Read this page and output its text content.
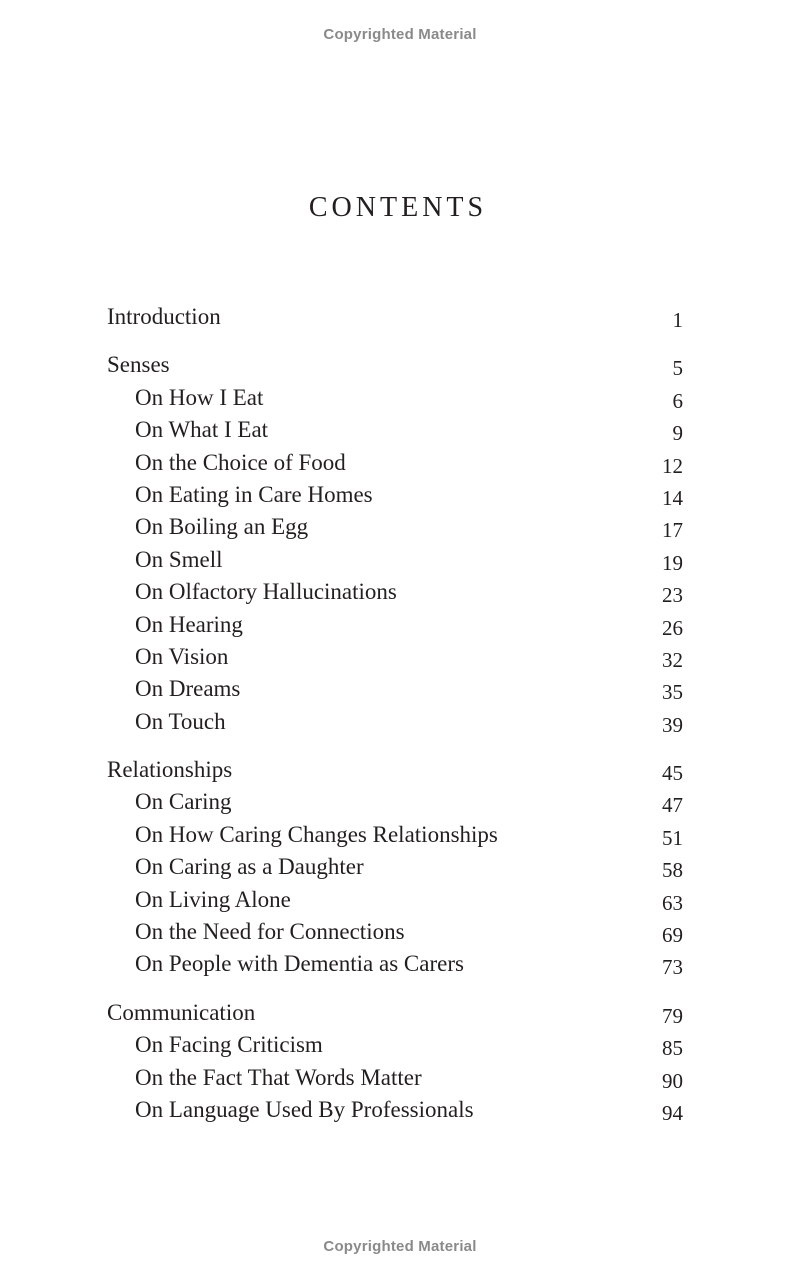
Copyrighted Material
CONTENTS
Introduction	1
Senses	5
On How I Eat	6
On What I Eat	9
On the Choice of Food	12
On Eating in Care Homes	14
On Boiling an Egg	17
On Smell	19
On Olfactory Hallucinations	23
On Hearing	26
On Vision	32
On Dreams	35
On Touch	39
Relationships	45
On Caring	47
On How Caring Changes Relationships	51
On Caring as a Daughter	58
On Living Alone	63
On the Need for Connections	69
On People with Dementia as Carers	73
Communication	79
On Facing Criticism	85
On the Fact That Words Matter	90
On Language Used By Professionals	94
Copyrighted Material
